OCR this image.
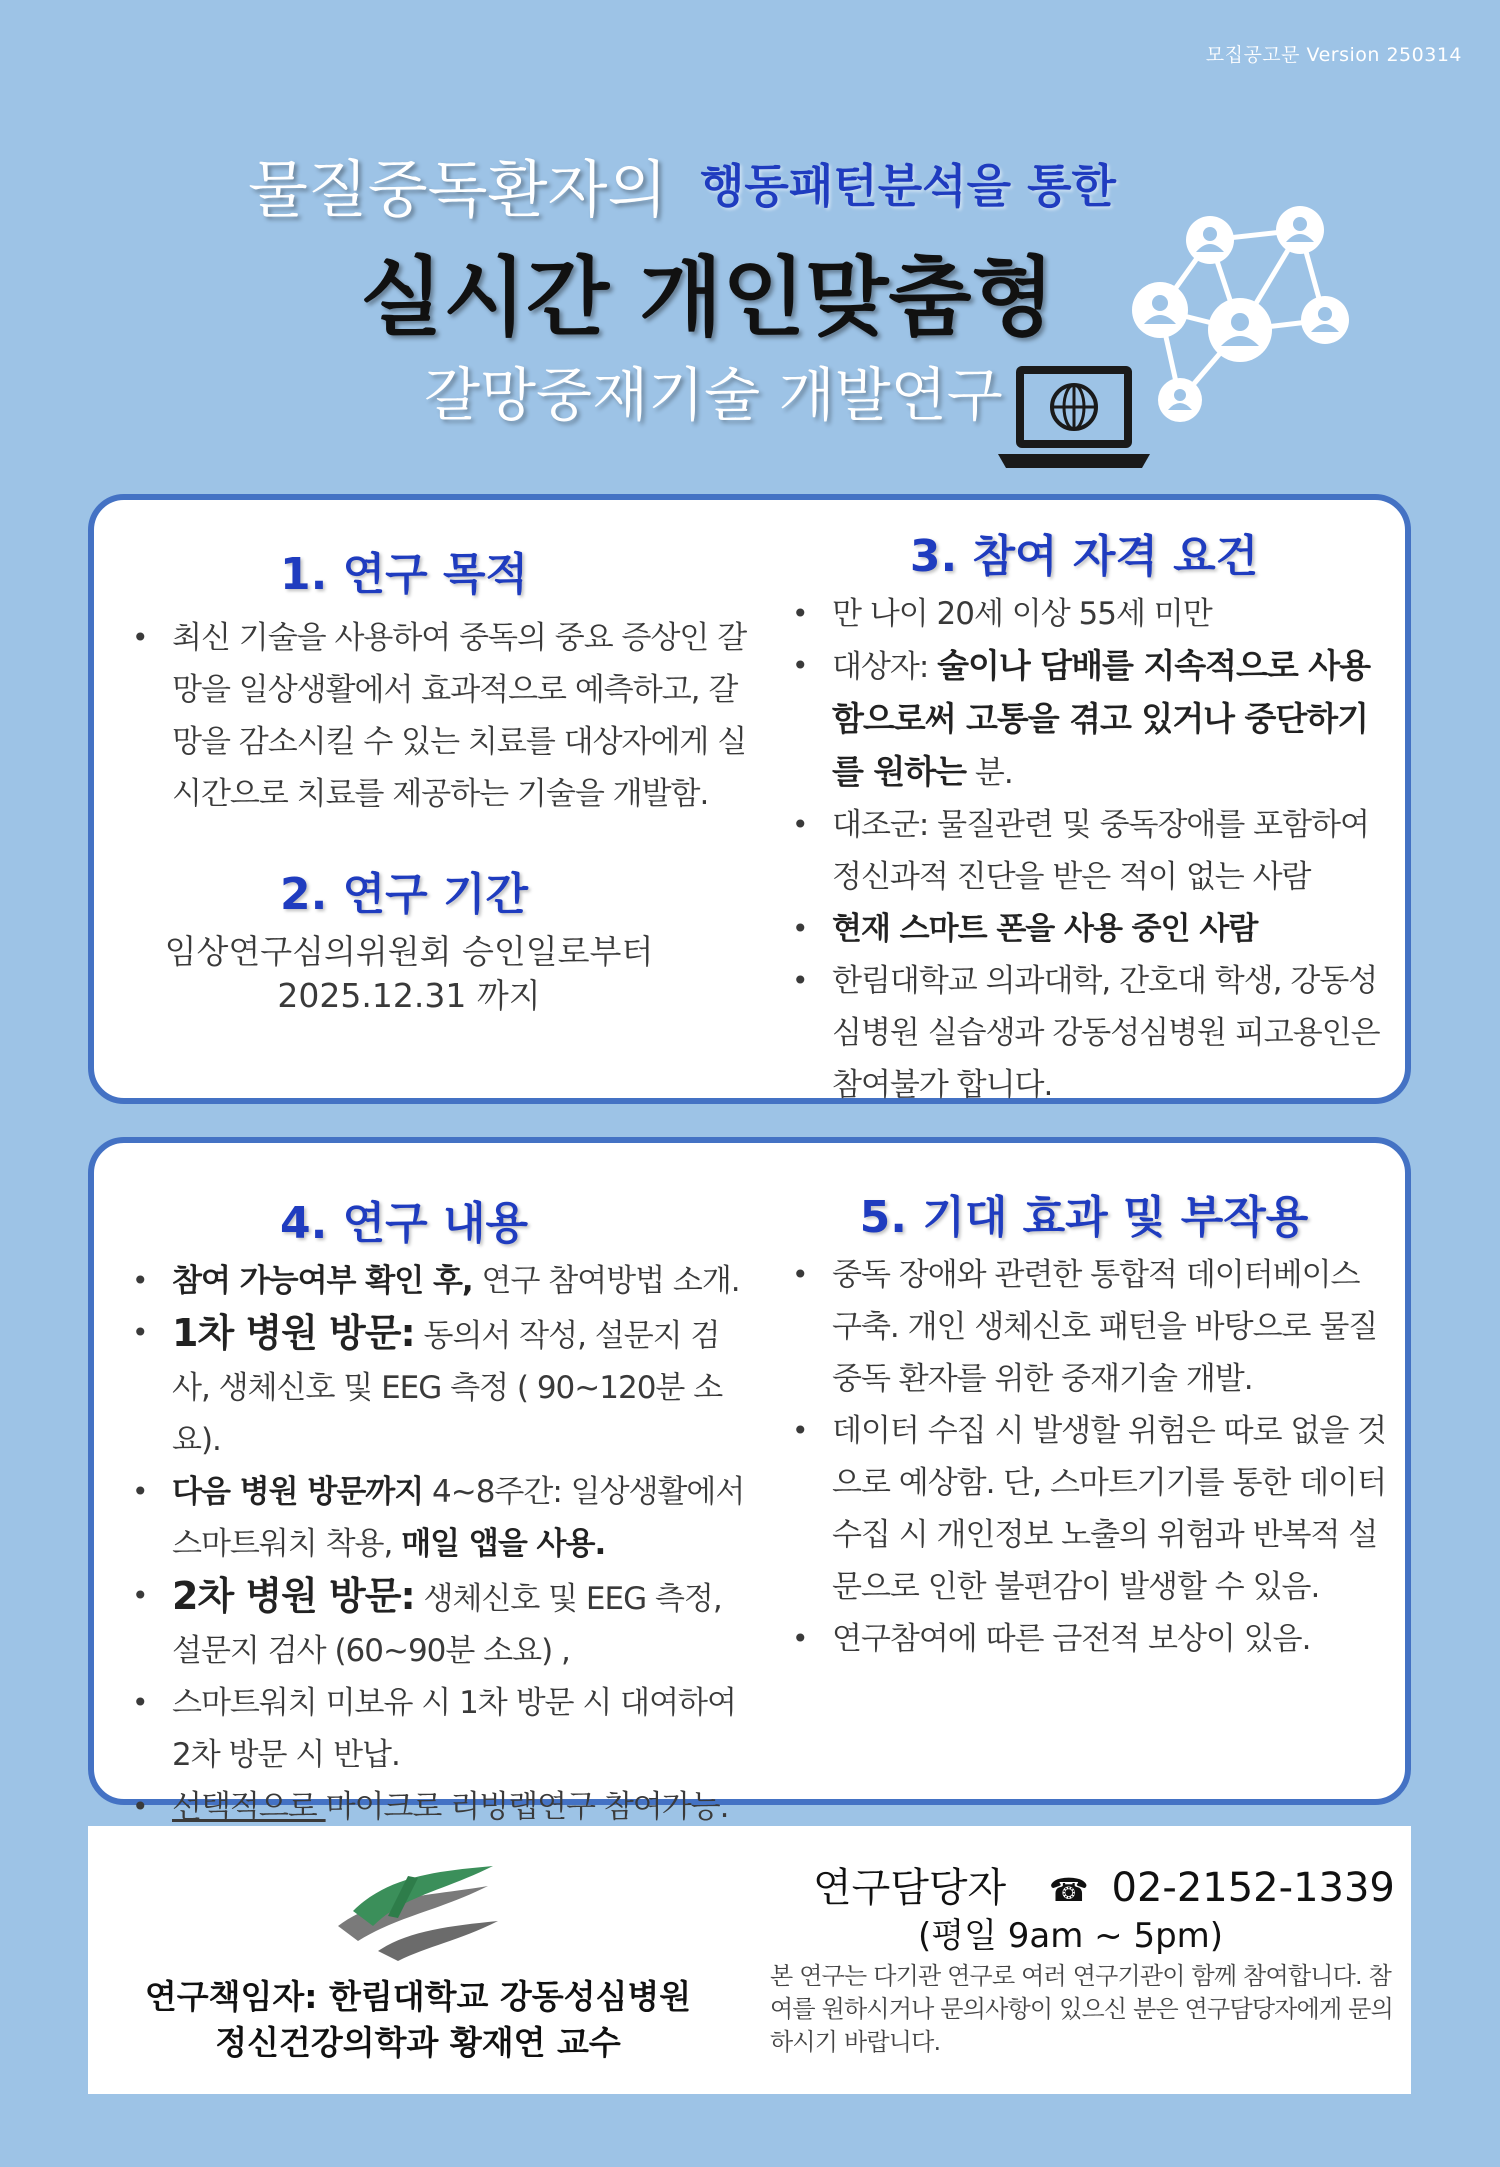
모집공고문 Version 250314
물질중독환자의 행동패턴분석을 통한
실시간 개인맞춤형
갈망중재기술 개발연구
1. 연구 목적
• 최신 기술을 사용하여 중독의 중요 증상인 갈망을 일상생활에서 효과적으로 예측하고, 갈망을 감소시킬 수 있는 치료를 대상자에게 실시간으로 치료를 제공하는 기술을 개발함.
2. 연구 기간
임상연구심의위원회 승인일로부터
2025.12.31 까지
3. 참여 자격 요건
• 만 나이 20세 이상 55세 미만
• 대상자: 술이나 담배를 지속적으로 사용함으로써 고통을 겪고 있거나 중단하기를 원하는 분.
• 대조군: 물질관련 및 중독장애를 포함하여 정신과적 진단을 받은 적이 없는 사람
• 현재 스마트 폰을 사용 중인 사람
• 한림대학교 의과대학, 간호대 학생, 강동성심병원 실습생과 강동성심병원 피고용인은 참여불가 합니다.
4. 연구 내용
• 참여 가능여부 확인 후, 연구 참여방법 소개.
• 1차 병원 방문: 동의서 작성, 설문지 검사, 생체신호 및 EEG 측정 ( 90~120분 소요).
• 다음 병원 방문까지 4~8주간: 일상생활에서 스마트워치 착용, 매일 앱을 사용.
• 2차 병원 방문: 생체신호 및 EEG 측정, 설문지 검사 (60~90분 소요) ,
• 스마트워치 미보유 시 1차 방문 시 대여하여 2차 방문 시 반납.
• 선택적으로 마이크로 리빙랩연구 참여가능.
5. 기대 효과 및 부작용
• 중독 장애와 관련한 통합적 데이터베이스 구축. 개인 생체신호 패턴을 바탕으로 물질 중독 환자를 위한 중재기술 개발.
• 데이터 수집 시 발생할 위험은 따로 없을 것으로 예상함. 단, 스마트기기를 통한 데이터 수집 시 개인정보 노출의 위험과 반복적 설문으로 인한 불편감이 발생할 수 있음.
• 연구참여에 따른 금전적 보상이 있음.
연구책임자: 한림대학교 강동성심병원
정신건강의학과 황재연 교수
연구담당자 ☎ 02-2152-1339
(평일 9am ~ 5pm)
본 연구는 다기관 연구로 여러 연구기관이 함께 참여합니다. 참여를 원하시거나 문의사항이 있으신 분은 연구담당자에게 문의하시기 바랍니다.
